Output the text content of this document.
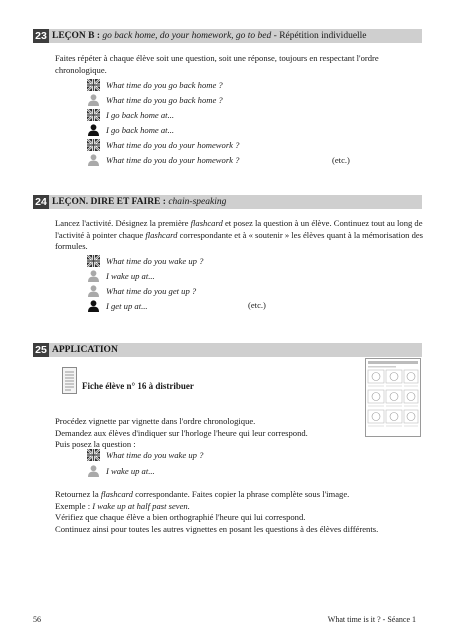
23 LEÇON B : go back home, do your homework, go to bed - Répétition individuelle
Faites répéter à chaque élève soit une question, soit une réponse, toujours en respectant l'ordre chronologique.
What time do you go back home ?
What time do you go back home ?
I go back home at...
I go back home at...
What time do you do your homework ?
What time do you do your homework ?	(etc.)
24 LEÇON. DIRE ET FAIRE : chain-speaking
Lancez l'activité. Désignez la première flashcard et posez la question à un élève. Continuez tout au long de l'activité à pointer chaque flashcard correspondante et à « soutenir » les élèves quant à la mémorisation des formules.
What time do you wake up ?
I wake up at...
What time do you get up ?
I get up at...	(etc.)
25 APPLICATION
Fiche élève n° 16 à distribuer
Procédez vignette par vignette dans l'ordre chronologique.
Demandez aux élèves d'indiquer sur l'horloge l'heure qui leur correspond.
Puis posez la question :
What time do you wake up ?
I wake up at...
Retournez la flashcard correspondante. Faites copier la phrase complète sous l'image.
Exemple : I wake up at half past seven.
Vérifiez que chaque élève a bien orthographié l'heure qui lui correspond.
Continuez ainsi pour toutes les autres vignettes en posant les questions à des élèves différents.
56	What time is it ? - Séance 1
